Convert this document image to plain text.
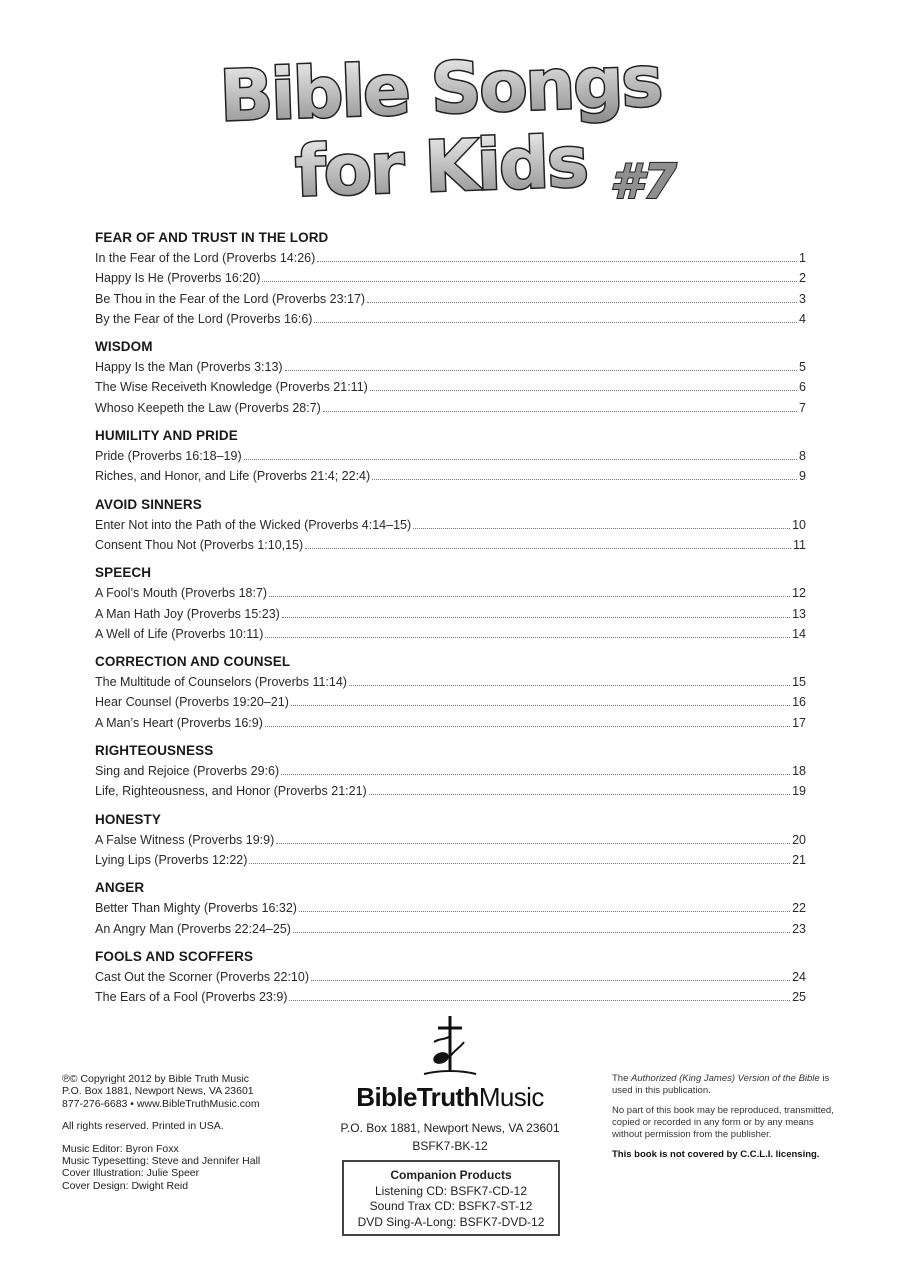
Bible Songs
for Kids #7
FEAR OF AND TRUST IN THE LORD
In the Fear of the Lord (Proverbs 14:26)	1
Happy Is He (Proverbs 16:20)	2
Be Thou in the Fear of the Lord (Proverbs 23:17)	3
By the Fear of the Lord (Proverbs 16:6)	4
WISDOM
Happy Is the Man (Proverbs 3:13)	5
The Wise Receiveth Knowledge (Proverbs 21:11)	6
Whoso Keepeth the Law (Proverbs 28:7)	7
HUMILITY AND PRIDE
Pride (Proverbs 16:18–19)	8
Riches, and Honor, and Life (Proverbs 21:4; 22:4)	9
AVOID SINNERS
Enter Not into the Path of the Wicked (Proverbs 4:14–15)	10
Consent Thou Not (Proverbs 1:10,15)	11
SPEECH
A Fool’s Mouth (Proverbs 18:7)	12
A Man Hath Joy (Proverbs 15:23)	13
A Well of Life (Proverbs 10:11)	14
CORRECTION AND COUNSEL
The Multitude of Counselors (Proverbs 11:14)	15
Hear Counsel (Proverbs 19:20–21)	16
A Man’s Heart (Proverbs 16:9)	17
RIGHTEOUSNESS
Sing and Rejoice (Proverbs 29:6)	18
Life, Righteousness, and Honor (Proverbs 21:21)	19
HONESTY
A False Witness (Proverbs 19:9)	20
Lying Lips (Proverbs 12:22)	21
ANGER
Better Than Mighty (Proverbs 16:32)	22
An Angry Man (Proverbs 22:24–25)	23
FOOLS AND SCOFFERS
Cast Out the Scorner (Proverbs 22:10)	24
The Ears of a Fool (Proverbs 23:9)	25

℗© Copyright 2012 by Bible Truth Music
P.O. Box 1881, Newport News, VA 23601
877-276-6683 • www.BibleTruthMusic.com

All rights reserved. Printed in USA.

Music Editor: Byron Foxx
Music Typesetting: Steve and Jennifer Hall
Cover Illustration: Julie Speer
Cover Design: Dwight Reid

BibleTruthMusic
P.O. Box 1881, Newport News, VA 23601
BSFK7-BK-12
Companion Products
Listening CD: BSFK7-CD-12
Sound Trax CD: BSFK7-ST-12
DVD Sing-A-Long: BSFK7-DVD-12

The Authorized (King James) Version of the Bible is used in this publication.

No part of this book may be reproduced, transmitted, copied or recorded in any form or by any means without permission from the publisher.

This book is not covered by C.C.L.I. licensing.
